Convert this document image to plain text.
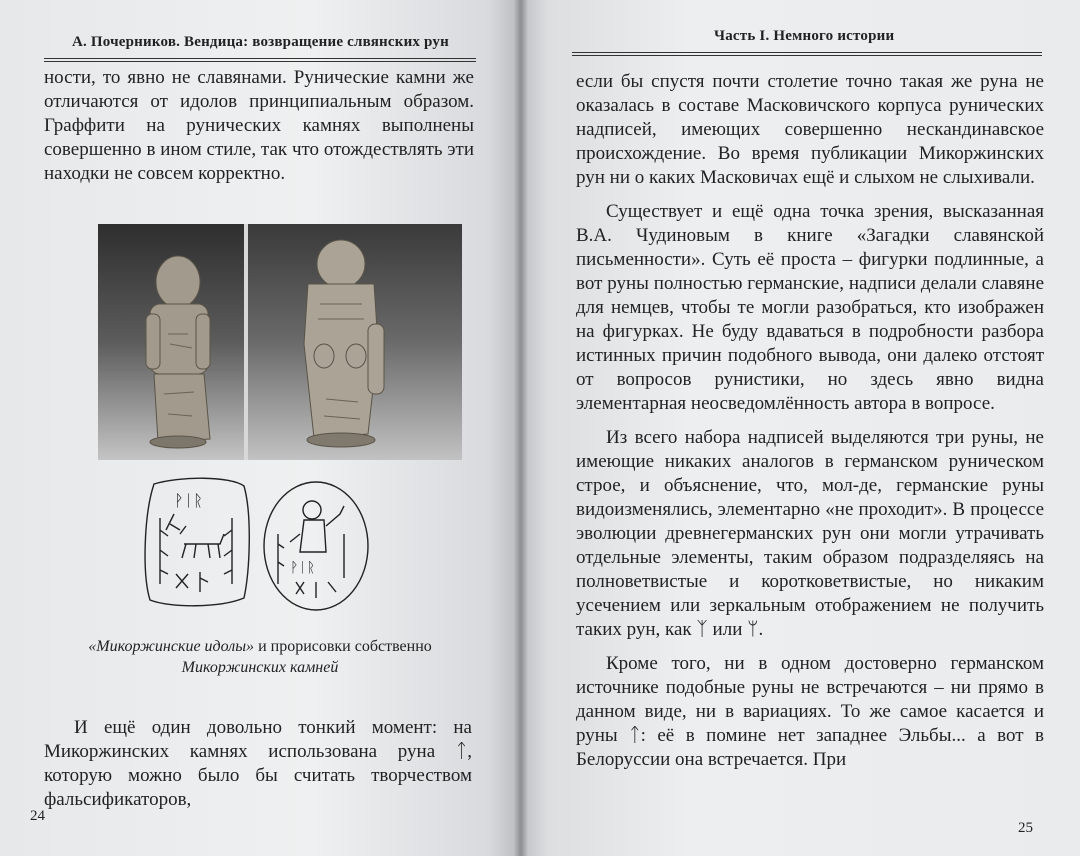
А. Почерников. Вендица: возвращение слвянских рун

ности, то явно не славянами. Рунические камни же отличаются от идолов принципиальным образом. Граффити на рунических камнях выполнены совершенно в ином стиле, так что отождествлять эти находки не совсем корректно.

ᚹᛁᚱ
ᚹᛁᚱ
«Микоржинские идолы» и прорисовки собственно
Микоржинских камней

И ещё один довольно тонкий момент: на Микоржинских камнях использована руна ᛏ, которую можно было бы считать творчеством фальсификаторов,

24
Часть I. Немного истории

если бы спустя почти столетие точно такая же руна не оказалась в составе Масковичского корпуса рунических надписей, имеющих совершенно нескандинавское происхождение. Во время публикации Микоржинских рун ни о каких Масковичах ещё и слыхом не слыхивали.

Существует и ещё одна точка зрения, высказанная В.А. Чудиновым в книге «Загадки славянской письменности». Суть её проста – фигурки подлинные, а вот руны полностью германские, надписи делали славяне для немцев, чтобы те могли разобраться, кто изображен на фигурках. Не буду вдаваться в подробности разбора истинных причин подобного вывода, они далеко отстоят от вопросов рунистики, но здесь явно видна элементарная неосведомлённость автора в вопросе.

Из всего набора надписей выделяются три руны, не имеющие никаких аналогов в германском руническом строе, и объяснение, что, мол-де, германские руны видоизменялись, элементарно «не проходит». В процессе эволюции древнегерманских рун они могли утрачивать отдельные элементы, таким образом подразделяясь на полноветвистые и коротковетвистые, но никаким усечением или зеркальным отображением не получить таких рун, как ᛉ или ᛘ.

Кроме того, ни в одном достоверно германском источнике подобные руны не встречаются – ни прямо в данном виде, ни в вариациях. То же самое касается и руны ᛏ: её в помине нет западнее Эльбы... а вот в Белоруссии она встречается. При

25
